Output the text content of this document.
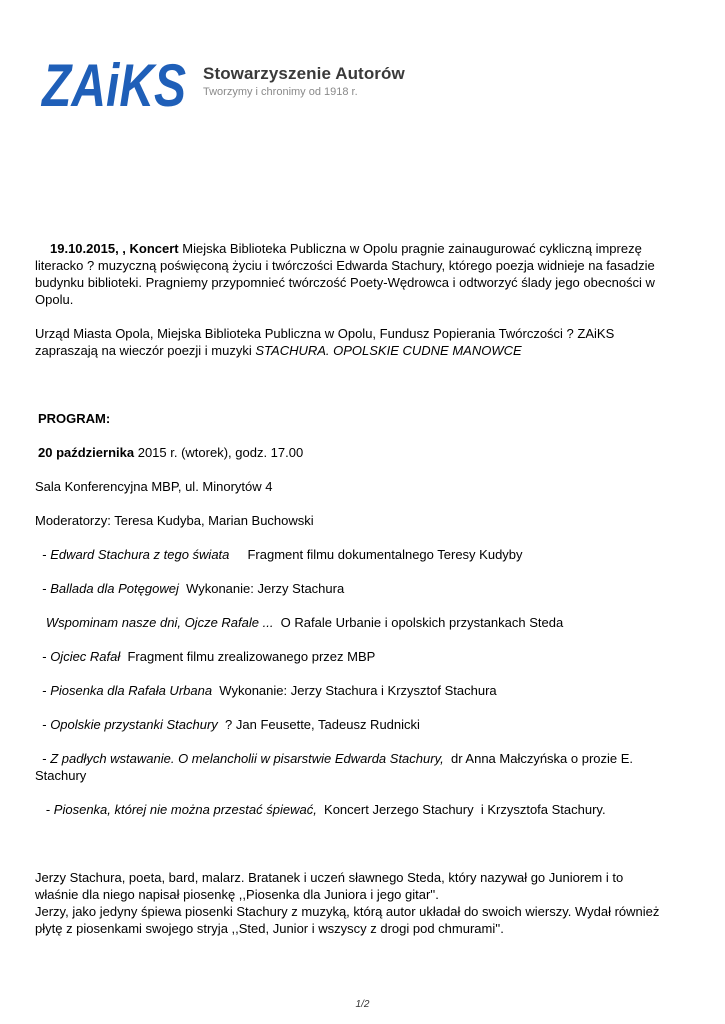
ZAiKS Stowarzyszenie Autorów
Tworzymy i chronimy od 1918 r.

19.10.2015, , Koncert Miejska Biblioteka Publiczna w Opolu pragnie zainaugurować cykliczną imprezę literacko ? muzyczną poświęconą życiu i twórczości Edwarda Stachury, którego poezja widnieje na fasadzie budynku biblioteki. Pragniemy przypomnieć twórczość Poety-Wędrowca i odtworzyć ślady jego obecności w Opolu.

Urząd Miasta Opola, Miejska Biblioteka Publiczna w Opolu, Fundusz Popierania Twórczości ? ZAiKS zapraszają na wieczór poezji i muzyki STACHURA. OPOLSKIE CUDNE MANOWCE

PROGRAM:

20 października 2015 r. (wtorek), godz. 17.00

Sala Konferencyjna MBP, ul. Minorytów 4

Moderatorzy: Teresa Kudyba, Marian Buchowski

- Edward Stachura z tego świata     Fragment filmu dokumentalnego Teresy Kudyby

- Ballada dla Potęgowej  Wykonanie: Jerzy Stachura

Wspominam nasze dni, Ojcze Rafale ...  O Rafale Urbanie i opolskich przystankach Steda

- Ojciec Rafał  Fragment filmu zrealizowanego przez MBP

- Piosenka dla Rafała Urbana  Wykonanie: Jerzy Stachura i Krzysztof Stachura

- Opolskie przystanki Stachury  ? Jan Feusette, Tadeusz Rudnicki

- Z padłych wstawanie. O melancholii w pisarstwie Edwarda Stachury,  dr Anna Małczyńska o prozie E. Stachury

- Piosenka, której nie można przestać śpiewać,  Koncert Jerzego Stachury  i Krzysztofa Stachury.

Jerzy Stachura, poeta, bard, malarz. Bratanek i uczeń sławnego Steda, który nazywał go Juniorem i to właśnie dla niego napisał piosenkę ,,Piosenka dla Juniora i jego gitar''.
Jerzy, jako jedyny śpiewa piosenki Stachury z muzyką, którą autor układał do swoich wierszy. Wydał również płytę z piosenkami swojego stryja ,,Sted, Junior i wszyscy z drogi pod chmurami''.

1/2
